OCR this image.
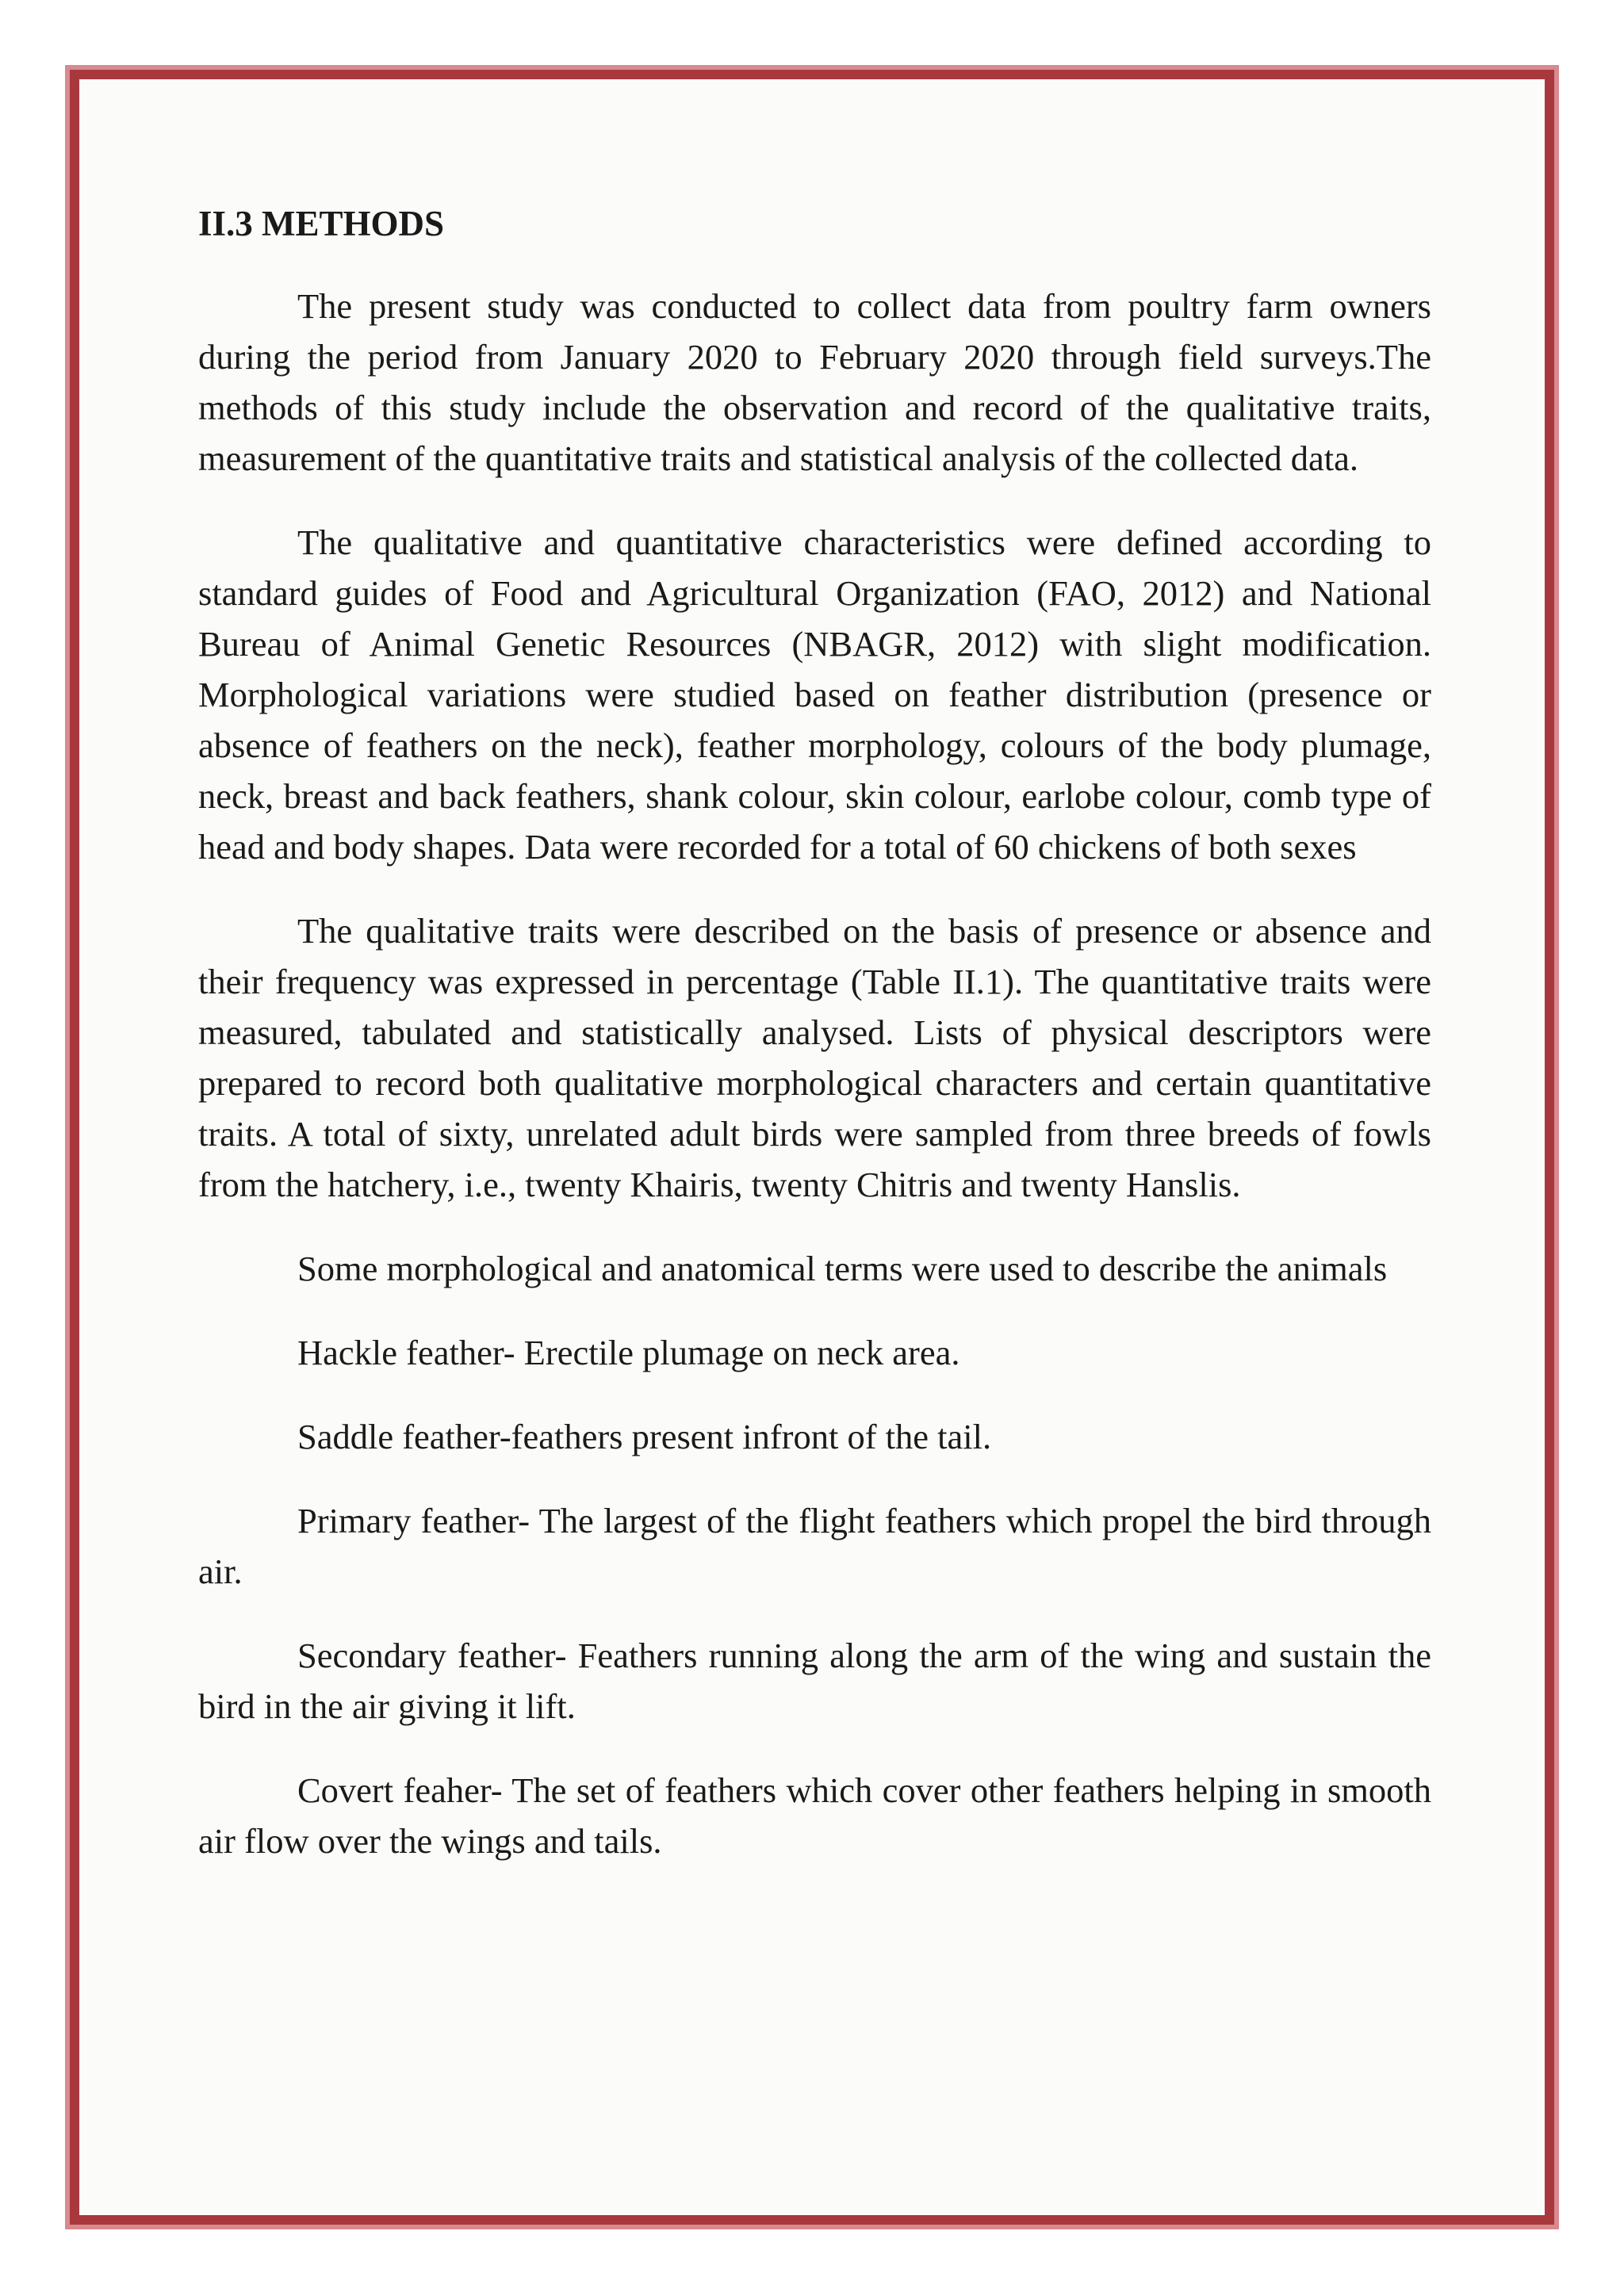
II.3 METHODS

The present study was conducted to collect data from poultry farm owners during the period from January 2020 to February 2020 through field surveys.The methods of this study include the observation and record of the qualitative traits, measurement of the quantitative traits and statistical analysis of the collected data.

The qualitative and quantitative characteristics were defined according to standard guides of Food and Agricultural Organization (FAO, 2012) and National Bureau of Animal Genetic Resources (NBAGR, 2012) with slight modification. Morphological variations were studied based on feather distribution (presence or absence of feathers on the neck), feather morphology, colours of the body plumage, neck, breast and back feathers, shank colour, skin colour, earlobe colour, comb type of head and body shapes. Data were recorded for a total of 60 chickens of both sexes

The qualitative traits were described on the basis of presence or absence and their frequency was expressed in percentage (Table II.1). The quantitative traits were measured, tabulated and statistically analysed. Lists of physical descriptors were prepared to record both qualitative morphological characters and certain quantitative traits. A total of sixty, unrelated adult birds were sampled from three breeds of fowls from the hatchery, i.e., twenty Khairis, twenty Chitris and twenty Hanslis.

Some morphological and anatomical terms were used to describe the animals

Hackle feather- Erectile plumage on neck area.

Saddle feather-feathers present infront of the tail.

Primary feather- The largest of the flight feathers which propel the bird through air.

Secondary feather- Feathers running along the arm of the wing and sustain the bird in the air giving it lift.

Covert feaher- The set of feathers which cover other feathers helping in smooth air flow over the wings and tails.
